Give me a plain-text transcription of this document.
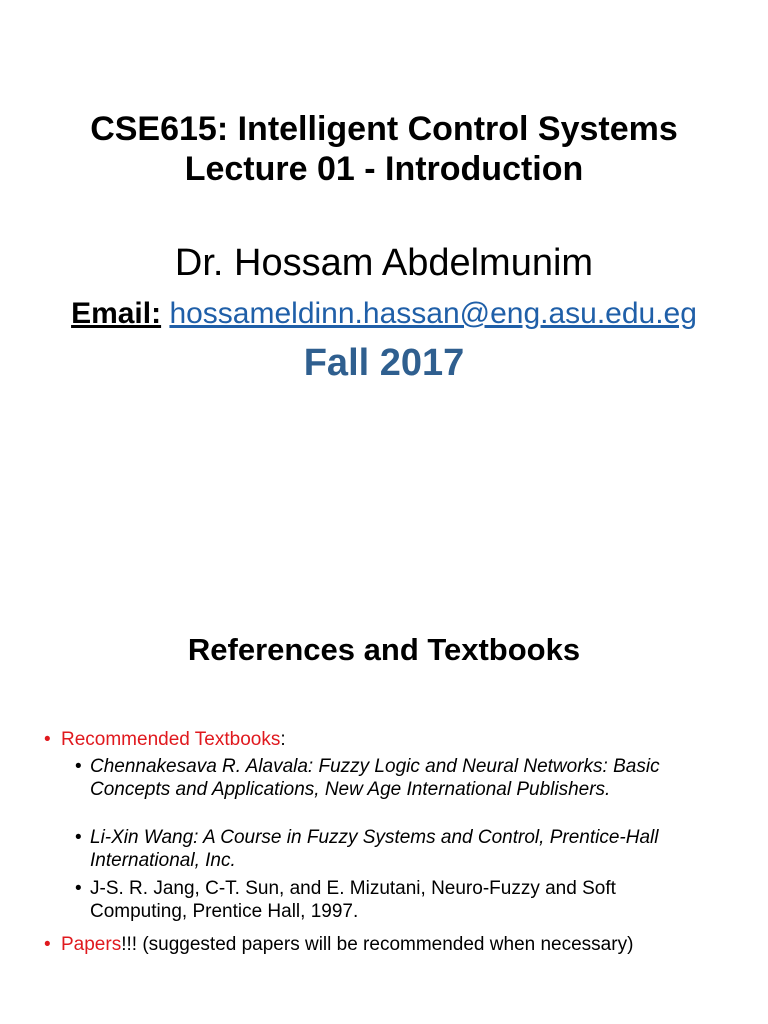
CSE615: Intelligent Control Systems
Lecture 01 - Introduction
Dr. Hossam Abdelmunim
Email: hossameldinn.hassan@eng.asu.edu.eg
Fall 2017
References and Textbooks
• Recommended Textbooks:
• Chennakesava R. Alavala: Fuzzy Logic and Neural Networks: Basic Concepts and Applications, New Age International Publishers.
• Li-Xin Wang: A Course in Fuzzy Systems and Control, Prentice-Hall International, Inc.
• J-S. R. Jang, C-T. Sun, and E. Mizutani, Neuro-Fuzzy and Soft Computing, Prentice Hall, 1997.
• Papers!!! (suggested papers will be recommended when necessary)
